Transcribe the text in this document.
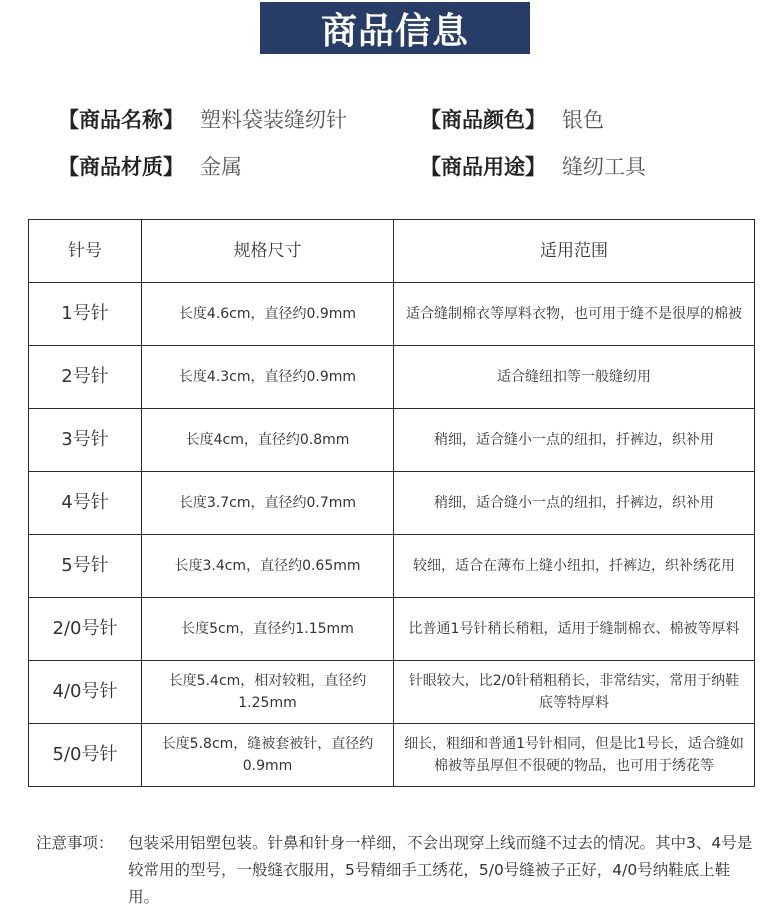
商品信息
【商品名称】 塑料袋装缝纫针	【商品颜色】 银色
【商品材质】 金属	【商品用途】 缝纫工具
针号	规格尺寸	适用范围
1号针	长度4.6cm，直径约0.9mm	适合缝制棉衣等厚料衣物，也可用于缝不是很厚的棉被
2号针	长度4.3cm，直径约0.9mm	适合缝纽扣等一般缝纫用
3号针	长度4cm，直径约0.8mm	稍细，适合缝小一点的纽扣，扦裤边，织补用
4号针	长度3.7cm，直径约0.7mm	稍细，适合缝小一点的纽扣，扦裤边，织补用
5号针	长度3.4cm，直径约0.65mm	较细，适合在薄布上缝小纽扣，扦裤边，织补绣花用
2/0号针	长度5cm，直径约1.15mm	比普通1号针稍长稍粗，适用于缝制棉衣、棉被等厚料
4/0号针	长度5.4cm，相对较粗，直径约1.25mm	针眼较大，比2/0针稍粗稍长，非常结实，常用于纳鞋底等特厚料
5/0号针	长度5.8cm，缝被套被针，直径约0.9mm	细长，粗细和普通1号针相同，但是比1号长，适合缝如棉被等虽厚但不很硬的物品，也可用于绣花等
注意事项： 包装采用铝塑包装。针鼻和针身一样细，不会出现穿上线而缝不过去的情况。其中3、4号是较常用的型号，一般缝衣服用，5号精细手工绣花，5/0号缝被子正好，4/0号纳鞋底上鞋用。
